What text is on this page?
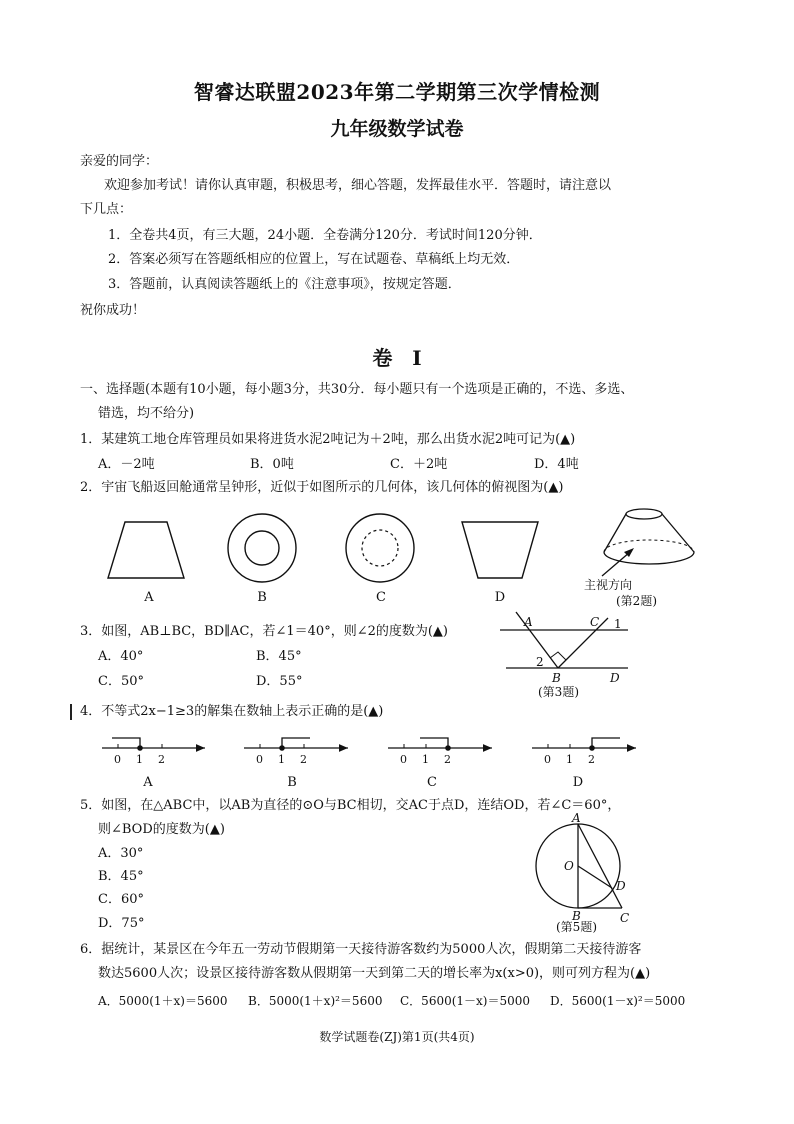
智睿达联盟2023年第二学期第三次学情检测
九年级数学试卷
亲爱的同学：
欢迎参加考试！请你认真审题，积极思考，细心答题，发挥最佳水平．答题时，请注意以
下几点：
1．全卷共4页，有三大题，24小题．全卷满分120分．考试时间120分钟．
2．答案必须写在答题纸相应的位置上，写在试题卷、草稿纸上均无效．
3．答题前，认真阅读答题纸上的《注意事项》，按规定答题．
祝你成功！
卷　I
一、选择题(本题有10小题，每小题3分，共30分．每小题只有一个选项是正确的，不选、多选、
错选，均不给分)
1．某建筑工地仓库管理员如果将进货水泥2吨记为＋2吨，那么出货水泥2吨可记为(▲)
A．－2吨	B．0吨	C．＋2吨	D．4吨
2．宇宙飞船返回舱通常呈钟形，近似于如图所示的几何体，该几何体的俯视图为(▲)
A	B	C	D
主视方向
(第2题)
3．如图，AB⊥BC，BD∥AC，若∠1＝40°，则∠2的度数为(▲)
A．40°	B．45°
C．50°	D．55°
A	C 1
2
B	D
(第3题)
4．不等式2x−1≥3的解集在数轴上表示正确的是(▲)
0 1 2	0 1 2	0 1 2	0 1 2
A	B	C	D
5．如图，在△ABC中，以AB为直径的⊙O与BC相切，交AC于点D，连结OD，若∠C＝60°，
则∠BOD的度数为(▲)
A．30°
B．45°
C．60°
D．75°
A
O
D
B	C
(第5题)
6．据统计，某景区在今年五一劳动节假期第一天接待游客数约为5000人次，假期第二天接待游客
数达5600人次；设景区接待游客数从假期第一天到第二天的增长率为x(x>0)，则可列方程为(▲)
A．5000(1＋x)＝5600 B．5000(1＋x)²＝5600 C．5600(1－x)＝5000 D．5600(1－x)²＝5000
数学试题卷(ZJ)第1页(共4页)
